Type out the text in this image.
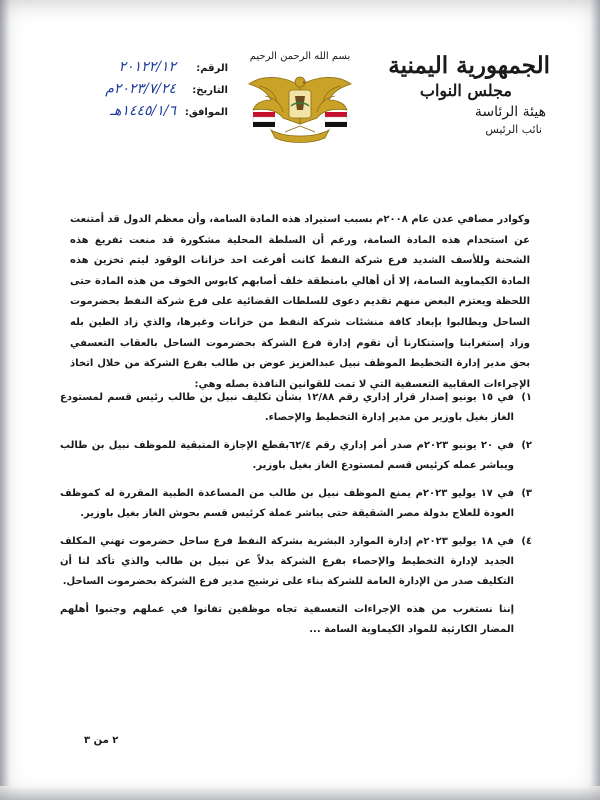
الجمهورية اليمنية
مجلس النواب
هيئة الرئاسة
نائب الرئيس
بسم الله الرحمن الرحيم
الرقم:
٢٠١٢٢/١٢
التاريخ:
٢٠٢٣/٧/٢٤م
الموافق:
١٤٤٥/١/٦هـ

وكوادر مصافي عدن عام ٢٠٠٨م بسبب استيراد هذه المادة السامة، وأن معظم الدول قد أمتنعت عن استخدام هذه المادة السامة، ورغم أن السلطة المحلية مشكورة قد منعت تفريغ هذه الشحنة وللأسف الشديد فرع شركة النفط كانت أفرغت احد خزانات الوقود ليتم تخزين هذه المادة الكيماوية السامة، إلا أن أهالي بامنطقة خلف أصابهم كابوس الخوف من هذه المادة حتى اللحظة ويعتزم البعض منهم تقديم دعوى للسلطات القضائية على فرع شركة النفط بحضرموت الساحل ويطالبوا بإبعاد كافة منشئات شركة النفط من خزانات وغيرها، والذي زاد الطين بله وزاد إستغرابنا وإستنكارنا أن تقوم إدارة فرع الشركة بحضرموت الساحل بالعقاب التعسفي بحق مدير إدارة التخطيط الموظف نبيل عبدالعزيز عوض بن طالب بفرع الشركة من خلال اتخاذ الإجراءات العقابية التعسفية التي لا تمت للقوانين النافذة بصله وهي:

١)
في ١٥ يونيو إصدار قرار إداري رقم ١٢/٨٨ بشأن تكليف نبيل بن طالب رئيس قسم لمستودع الغاز بغيل باوزير من مدير إدارة التخطيط والإحصاء.
٢)
في ٢٠ يونيو ٢٠٢٣م صدر أمر إداري رقم ٦٢/٤بقطع الإجازة المتبقية للموظف نبيل بن طالب ويباشر عمله كرئيس قسم لمستودع الغاز بغيل باوزير.
٣)
في ١٧ يوليو ٢٠٢٣م يمنع الموظف نبيل بن طالب من المساعدة الطبية المقررة له كموظف العودة للعلاج بدولة مصر الشقيقة حتى يباشر عملة كرئيس قسم بحوش الغاز بغيل باوزير.
٤)
في ١٨ يوليو ٢٠٢٣م إدارة الموارد البشرية بشركة النفط فرع ساحل حضرموت تهني المكلف الجديد لإدارة التخطيط والإحصاء بفرع الشركة بدلاً عن نبيل بن طالب والذي تأكد لنا أن التكليف صدر من الإدارة العامة للشركة بناء على ترشيح مدير فرع الشركة بحضرموت الساحل.
إننا نستغرب من هذه الإجراءات التعسفية تجاه موظفين تفانوا في عملهم وجنبوا أهلهم المضار الكارثية للمواد الكيماوية السامة ...
٢ من ٣
